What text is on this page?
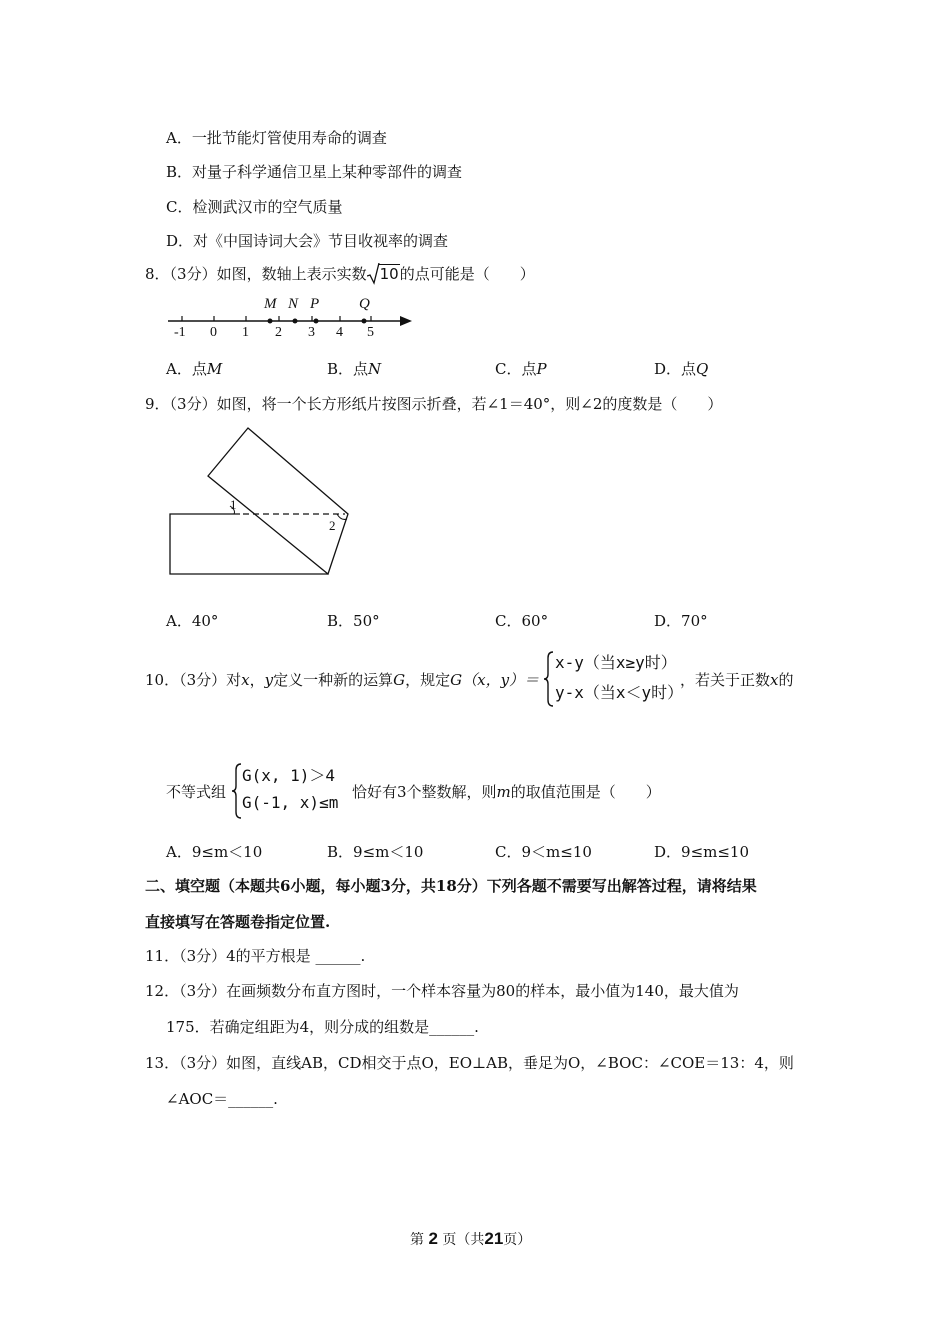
A．一批节能灯管使用寿命的调查
B．对量子科学通信卫星上某种零部件的调查
C．检测武汉市的空气质量
D．对《中国诗词大会》节目收视率的调查
8．（3分）如图，数轴上表示实数 10的点可能是（　　）
-1 0 1 2 3 4 5
M N P	Q
A．点M	B．点N	C．点P	D．点Q
9．（3分）如图，将一个长方形纸片按图示折叠，若∠1＝40°，则∠2的度数是（　　）
1
2
A．40°	B．50°	C．60°	D．70°
10．（3分）对x，y定义一种新的运算G，规定G（x，y）＝
x-y（当x≥y时）
y-x（当x＜y时）
，若关于正数x的
不等式组
G(x, 1)＞4
G(-1, x)≤m
恰好有3个整数解，则m的取值范围是（　　）
A．9≤m＜10	B．9≤m＜10	C．9＜m≤10	D．9≤m≤10
二、填空题（本题共6小题，每小题3分，共18分）下列各题不需要写出解答过程，请将结果
直接填写在答题卷指定位置.
11．（3分）4的平方根是 ______.
12．（3分）在画频数分布直方图时，一个样本容量为80的样本，最小值为140，最大值为
175．若确定组距为4，则分成的组数是______.
13．（3分）如图，直线AB，CD相交于点O，EO⊥AB，垂足为O，∠BOC：∠COE＝13：4，则
∠AOC＝______.
第 2 页（共21页）
